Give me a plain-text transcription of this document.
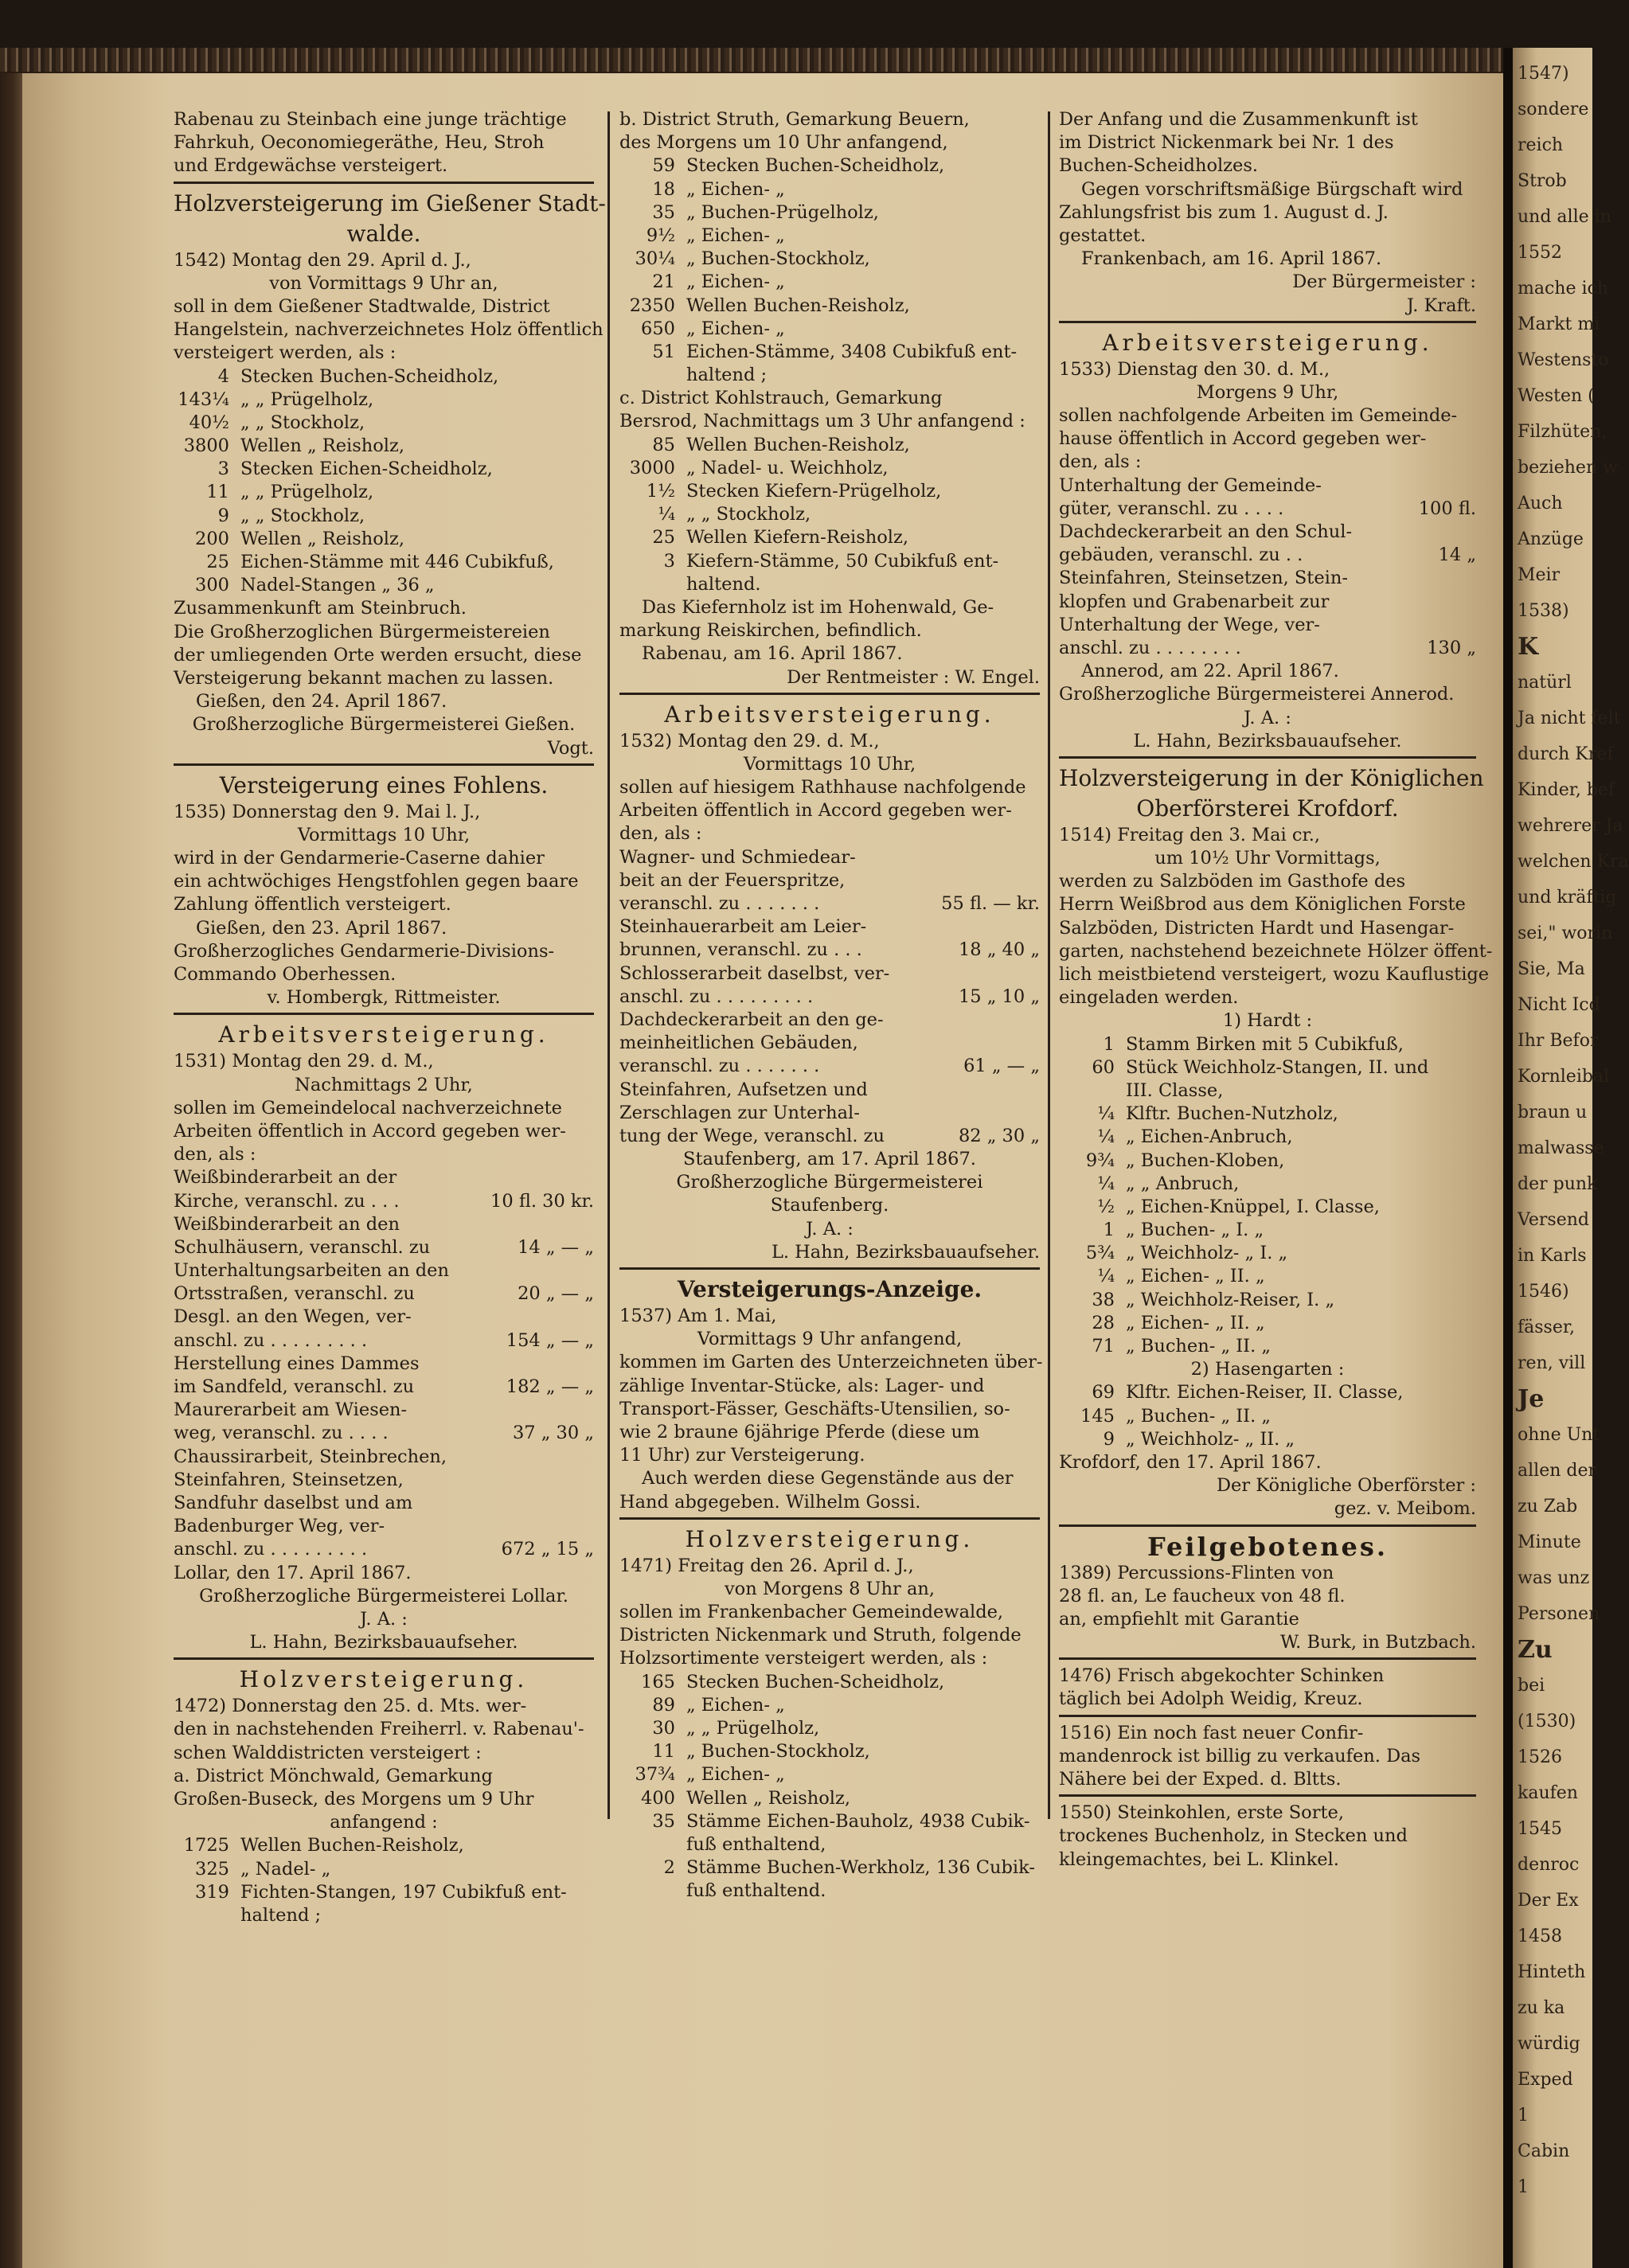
1547)
sondere
reich
Strob
und alle in
1552
mache ich
Markt mi
Westensto
Westen (
Filzhüten,
beziehen w
Auch
Anzüge
Meir
1538)
K
natürl
Ja nicht felt
durch Kref
Kinder, bef
wehrerer Ja
welchen Kra
und kräftig
sei," worin
Sie, Ma
Nicht Icd
Ihr Befor
Kornleibal
braun u
malwasse
der punk
Versend
in Karls
1546)
fässer,
ren, vill
Je
ohne Unt
allen der
zu Zab
Minute
was unz
Personen
Zu
bei
(1530)
1526
kaufen
1545
denroc
Der Ex
1458
Hinteth
zu ka
würdig
Exped
1
Cabin
1
Rabenau zu Steinbach eine junge trächtige
Fahrkuh, Oeconomiegeräthe, Heu, Stroh
und Erdgewächse versteigert.
Holzversteigerung im Gießener Stadt-
walde.
1542) Montag den 29. April d. J.,
von Vormittags 9 Uhr an,
soll in dem Gießener Stadtwalde, District
Hangelstein, nachverzeichnetes Holz öffentlich
versteigert werden, als :
4 Stecken Buchen-Scheidholz,
143¼ „ „ Prügelholz,
40½ „ „ Stockholz,
3800 Wellen „ Reisholz,
3 Stecken Eichen-Scheidholz,
11 „ „ Prügelholz,
9 „ „ Stockholz,
200 Wellen „ Reisholz,
25 Eichen-Stämme mit 446 Cubikfuß,
300 Nadel-Stangen „ 36 „
Zusammenkunft am Steinbruch.
Die Großherzoglichen Bürgermeistereien
der umliegenden Orte werden ersucht, diese
Versteigerung bekannt machen zu lassen.
Gießen, den 24. April 1867.
Großherzogliche Bürgermeisterei Gießen.
Vogt.
Versteigerung eines Fohlens.
1535) Donnerstag den 9. Mai l. J.,
Vormittags 10 Uhr,
wird in der Gendarmerie-Caserne dahier
ein achtwöchiges Hengstfohlen gegen baare
Zahlung öffentlich versteigert.
Gießen, den 23. April 1867.
Großherzogliches Gendarmerie-Divisions-
Commando Oberhessen.
v. Hombergk, Rittmeister.
Arbeitsversteigerung.
1531) Montag den 29. d. M.,
Nachmittags 2 Uhr,
sollen im Gemeindelocal nachverzeichnete
Arbeiten öffentlich in Accord gegeben wer-
den, als :
Weißbinderarbeit an der
Kirche, veranschl. zu . . .	10 fl. 30 kr.
Weißbinderarbeit an den
Schulhäusern, veranschl. zu	14 „ — „
Unterhaltungsarbeiten an den
Ortsstraßen, veranschl. zu	20 „ — „
Desgl. an den Wegen, ver-
anschl. zu . . . . . . . . .	154 „ — „
Herstellung eines Dammes
im Sandfeld, veranschl. zu	182 „ — „
Maurerarbeit am Wiesen-
weg, veranschl. zu . . . .	37 „ 30 „
Chaussirarbeit, Steinbrechen,
Steinfahren, Steinsetzen,
Sandfuhr daselbst und am
Badenburger Weg, ver-
anschl. zu . . . . . . . . .	672 „ 15 „
Lollar, den 17. April 1867.
Großherzogliche Bürgermeisterei Lollar.
J. A. :
L. Hahn, Bezirksbauaufseher.
Holzversteigerung.
1472) Donnerstag den 25. d. Mts. wer-
den in nachstehenden Freiherrl. v. Rabenau'-
schen Walddistricten versteigert :
a. District Mönchwald, Gemarkung
Großen-Buseck, des Morgens um 9 Uhr
anfangend :
1725 Wellen Buchen-Reisholz,
325 „ Nadel- „
319 Fichten-Stangen, 197 Cubikfuß ent-
haltend ;
b. District Struth, Gemarkung Beuern,
des Morgens um 10 Uhr anfangend,
59 Stecken Buchen-Scheidholz,
18 „ Eichen- „
35 „ Buchen-Prügelholz,
9½ „ Eichen- „
30¼ „ Buchen-Stockholz,
21 „ Eichen- „
2350 Wellen Buchen-Reisholz,
650 „ Eichen- „
51 Eichen-Stämme, 3408 Cubikfuß ent-
haltend ;
c. District Kohlstrauch, Gemarkung
Bersrod, Nachmittags um 3 Uhr anfangend :
85 Wellen Buchen-Reisholz,
3000 „ Nadel- u. Weichholz,
1½ Stecken Kiefern-Prügelholz,
¼ „ „ Stockholz,
25 Wellen Kiefern-Reisholz,
3 Kiefern-Stämme, 50 Cubikfuß ent-
haltend.
Das Kiefernholz ist im Hohenwald, Ge-
markung Reiskirchen, befindlich.
Rabenau, am 16. April 1867.
Der Rentmeister : W. Engel.
Arbeitsversteigerung.
1532) Montag den 29. d. M.,
Vormittags 10 Uhr,
sollen auf hiesigem Rathhause nachfolgende
Arbeiten öffentlich in Accord gegeben wer-
den, als :
Wagner- und Schmiedear-
beit an der Feuerspritze,
veranschl. zu . . . . . . .	55 fl. — kr.
Steinhauerarbeit am Leier-
brunnen, veranschl. zu . . .	18 „ 40 „
Schlosserarbeit daselbst, ver-
anschl. zu . . . . . . . . .	15 „ 10 „
Dachdeckerarbeit an den ge-
meinheitlichen Gebäuden,
veranschl. zu . . . . . . .	61 „ — „
Steinfahren, Aufsetzen und
Zerschlagen zur Unterhal-
tung der Wege, veranschl. zu	82 „ 30 „
Staufenberg, am 17. April 1867.
Großherzogliche Bürgermeisterei
Staufenberg.
J. A. :
L. Hahn, Bezirksbauaufseher.
Versteigerungs-Anzeige.
1537) Am 1. Mai,
Vormittags 9 Uhr anfangend,
kommen im Garten des Unterzeichneten über-
zählige Inventar-Stücke, als: Lager- und
Transport-Fässer, Geschäfts-Utensilien, so-
wie 2 braune 6jährige Pferde (diese um
11 Uhr) zur Versteigerung.
Auch werden diese Gegenstände aus der
Hand abgegeben. Wilhelm Gossi.
Holzversteigerung.
1471) Freitag den 26. April d. J.,
von Morgens 8 Uhr an,
sollen im Frankenbacher Gemeindewalde,
Districten Nickenmark und Struth, folgende
Holzsortimente versteigert werden, als :
165 Stecken Buchen-Scheidholz,
89 „ Eichen- „
30 „ „ Prügelholz,
11 „ Buchen-Stockholz,
37¾ „ Eichen- „
400 Wellen „ Reisholz,
35 Stämme Eichen-Bauholz, 4938 Cubik-
fuß enthaltend,
2 Stämme Buchen-Werkholz, 136 Cubik-
fuß enthaltend.
Der Anfang und die Zusammenkunft ist
im District Nickenmark bei Nr. 1 des
Buchen-Scheidholzes.
Gegen vorschriftsmäßige Bürgschaft wird
Zahlungsfrist bis zum 1. August d. J.
gestattet.
Frankenbach, am 16. April 1867.
Der Bürgermeister :
J. Kraft.
Arbeitsversteigerung.
1533) Dienstag den 30. d. M.,
Morgens 9 Uhr,
sollen nachfolgende Arbeiten im Gemeinde-
hause öffentlich in Accord gegeben wer-
den, als :
Unterhaltung der Gemeinde-
güter, veranschl. zu . . . .	100 fl.
Dachdeckerarbeit an den Schul-
gebäuden, veranschl. zu . .	14 „
Steinfahren, Steinsetzen, Stein-
klopfen und Grabenarbeit zur
Unterhaltung der Wege, ver-
anschl. zu . . . . . . . .	130 „
Annerod, am 22. April 1867.
Großherzogliche Bürgermeisterei Annerod.
J. A. :
L. Hahn, Bezirksbauaufseher.
Holzversteigerung in der Königlichen
Oberförsterei Krofdorf.
1514) Freitag den 3. Mai cr.,
um 10½ Uhr Vormittags,
werden zu Salzböden im Gasthofe des
Herrn Weißbrod aus dem Königlichen Forste
Salzböden, Districten Hardt und Hasengar-
garten, nachstehend bezeichnete Hölzer öffent-
lich meistbietend versteigert, wozu Kauflustige
eingeladen werden.
1) Hardt :
1 Stamm Birken mit 5 Cubikfuß,
60 Stück Weichholz-Stangen, II. und
III. Classe,
¼ Klftr. Buchen-Nutzholz,
¼ „ Eichen-Anbruch,
9¾ „ Buchen-Kloben,
¼ „ „ Anbruch,
½ „ Eichen-Knüppel, I. Classe,
1 „ Buchen- „ I. „
5¾ „ Weichholz- „ I. „
¼ „ Eichen- „ II. „
38 „ Weichholz-Reiser, I. „
28 „ Eichen- „ II. „
71 „ Buchen- „ II. „
2) Hasengarten :
69 Klftr. Eichen-Reiser, II. Classe,
145 „ Buchen- „ II. „
9 „ Weichholz- „ II. „
Krofdorf, den 17. April 1867.
Der Königliche Oberförster :
gez. v. Meibom.
Feilgebotenes.
1389) Percussions-Flinten von
28 fl. an, Le faucheux von 48 fl.
an, empfiehlt mit Garantie
W. Burk, in Butzbach.
1476) Frisch abgekochter Schinken
täglich bei Adolph Weidig, Kreuz.
1516) Ein noch fast neuer Confir-
mandenrock ist billig zu verkaufen. Das
Nähere bei der Exped. d. Bltts.
1550) Steinkohlen, erste Sorte,
trockenes Buchenholz, in Stecken und
kleingemachtes, bei L. Klinkel.
